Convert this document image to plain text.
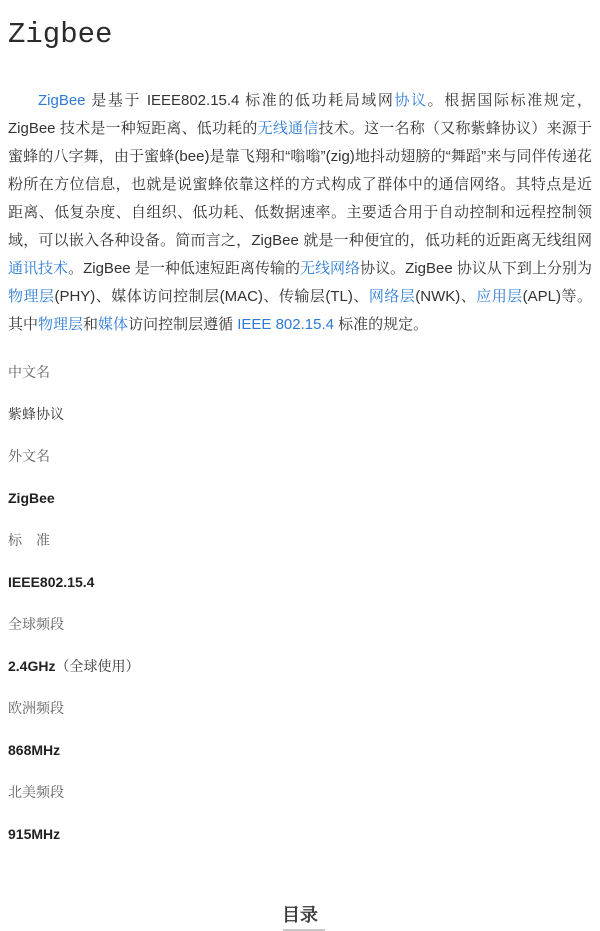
Zigbee

ZigBee 是基于 IEEE802.15.4 标准的低功耗局域网协议。根据国际标准规定，ZigBee 技术是一种短距离、低功耗的无线通信技术。这一名称（又称紫蜂协议）来源于蜜蜂的八字舞，由于蜜蜂(bee)是靠飞翔和“嗡嗡”(zig)地抖动翅膀的“舞蹈”来与同伴传递花粉所在方位信息，也就是说蜜蜂依靠这样的方式构成了群体中的通信网络。其特点是近距离、低复杂度、自组织、低功耗、低数据速率。主要适合用于自动控制和远程控制领域，可以嵌入各种设备。简而言之，ZigBee 就是一种便宜的，低功耗的近距离无线组网通讯技术。ZigBee 是一种低速短距离传输的无线网络协议。ZigBee 协议从下到上分别为物理层(PHY)、媒体访问控制层(MAC)、传输层(TL)、网络层(NWK)、应用层(APL)等。其中物理层和媒体访问控制层遵循 IEEE 802.15.4 标准的规定。

中文名
紫蜂协议
外文名
ZigBee
标　准
IEEE802.15.4
全球频段
2.4GHz（全球使用）
欧洲频段
868MHz
北美频段
915MHz
目录
